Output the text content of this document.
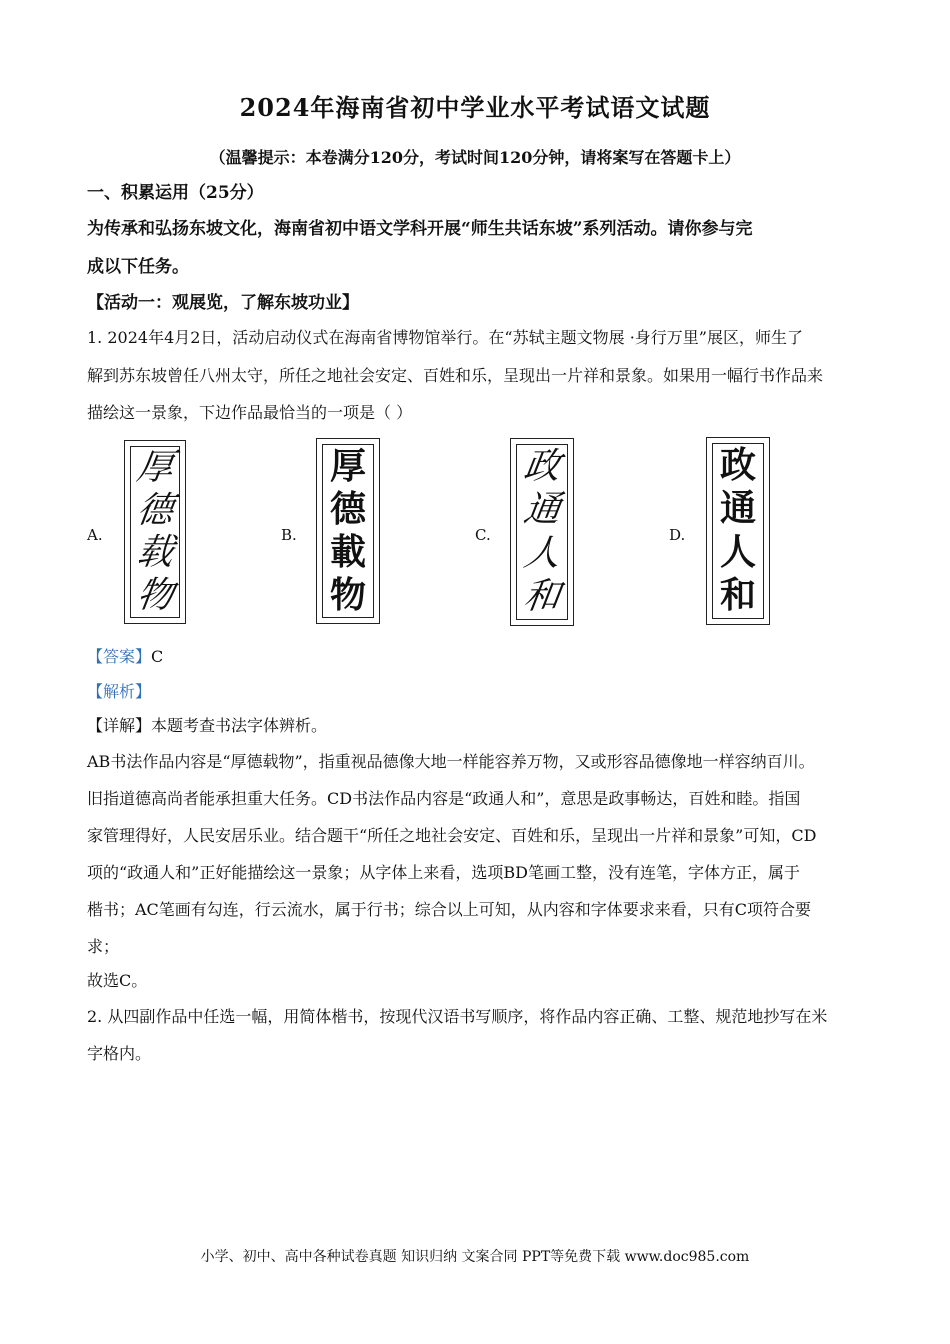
2024年海南省初中学业水平考试语文试题
（温馨提示：本卷满分120分，考试时间120分钟，请将案写在答题卡上）
一、积累运用（25分）
为传承和弘扬东坡文化，海南省初中语文学科开展“师生共话东坡”系列活动。请你参与完
成以下任务。
【活动一：观展览，了解东坡功业】
1. 2024年4月2日，活动启动仪式在海南省博物馆举行。在“苏轼主题文物展 ·身行万里”展区，师生了
解到苏东坡曾任八州太守，所任之地社会安定、百姓和乐，呈现出一片祥和景象。如果用一幅行书作品来
描绘这一景象，下边作品最恰当的一项是（ ）
A.
厚
德
载
物
B.
厚
德
載
物
C.
政
通
人
和
D.
政
通
人
和
【答案】C
【解析】
【详解】本题考查书法字体辨析。
AB书法作品内容是“厚德载物”，指重视品德像大地一样能容养万物，又或形容品德像地一样容纳百川。
旧指道德高尚者能承担重大任务。CD书法作品内容是“政通人和”，意思是政事畅达，百姓和睦。指国
家管理得好，人民安居乐业。结合题干“所任之地社会安定、百姓和乐，呈现出一片祥和景象”可知，CD
项的“政通人和”正好能描绘这一景象；从字体上来看，选项BD笔画工整，没有连笔，字体方正，属于
楷书；AC笔画有勾连，行云流水，属于行书；综合以上可知，从内容和字体要求来看，只有C项符合要
求；
故选C。
2. 从四副作品中任选一幅，用简体楷书，按现代汉语书写顺序，将作品内容正确、工整、规范地抄写在米
字格内。
小学、初中、高中各种试卷真题 知识归纳 文案合同 PPT等免费下载 www.doc985.com
